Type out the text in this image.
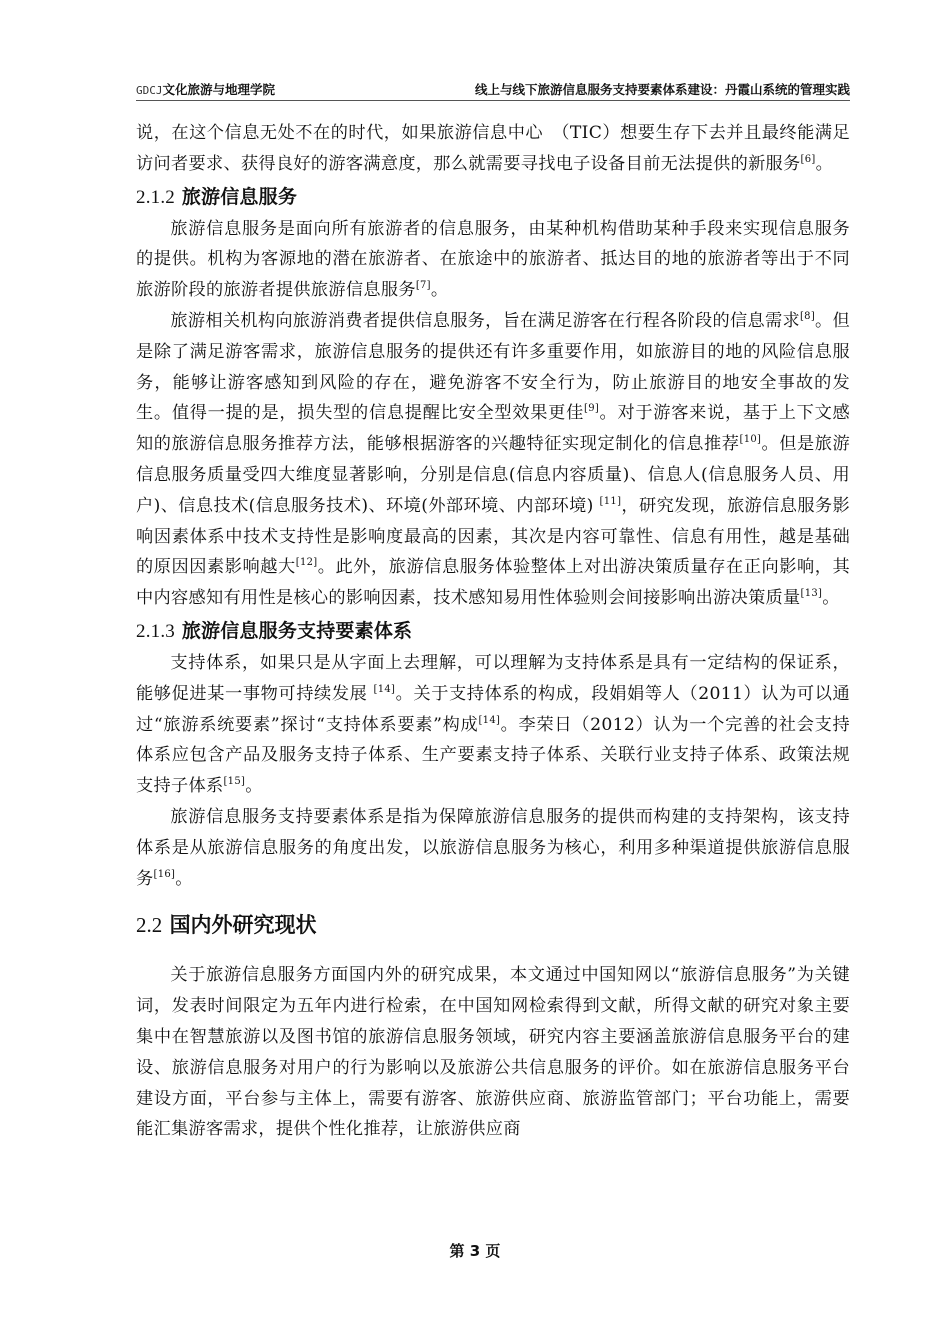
GDCJ文化旅游与地理学院	线上与线下旅游信息服务支持要素体系建设：丹霞山系统的管理实践

说，在这个信息无处不在的时代，如果旅游信息中心　（TIC）想要生存下去并且最终能满足访问者要求、获得良好的游客满意度，那么就需要寻找电子设备目前无法提供的新服务[6]。

2.1.2 旅游信息服务

旅游信息服务是面向所有旅游者的信息服务，由某种机构借助某种手段来实现信息服务的提供。机构为客源地的潜在旅游者、在旅途中的旅游者、抵达目的地的旅游者等出于不同旅游阶段的旅游者提供旅游信息服务[7]。

旅游相关机构向旅游消费者提供信息服务，旨在满足游客在行程各阶段的信息需求[8]。但是除了满足游客需求，旅游信息服务的提供还有许多重要作用，如旅游目的地的风险信息服务，能够让游客感知到风险的存在，避免游客不安全行为，防止旅游目的地安全事故的发生。值得一提的是，损失型的信息提醒比安全型效果更佳[9]。对于游客来说，基于上下文感知的旅游信息服务推荐方法，能够根据游客的兴趣特征实现定制化的信息推荐[10]。但是旅游信息服务质量受四大维度显著影响，分别是信息(信息内容质量)、信息人(信息服务人员、用户)、信息技术(信息服务技术)、环境(外部环境、内部环境) [11]，研究发现，旅游信息服务影响因素体系中技术支持性是影响度最高的因素，其次是内容可靠性、信息有用性，越是基础的原因因素影响越大[12]。此外，旅游信息服务体验整体上对出游决策质量存在正向影响，其中内容感知有用性是核心的影响因素，技术感知易用性体验则会间接影响出游决策质量[13]。

2.1.3 旅游信息服务支持要素体系

支持体系，如果只是从字面上去理解，可以理解为支持体系是具有一定结构的保证系，能够促进某一事物可持续发展 [14]。关于支持体系的构成，段娟娟等人（2011）认为可以通过“旅游系统要素”探讨“支持体系要素”构成[14]。李荣日（2012）认为一个完善的社会支持体系应包含产品及服务支持子体系、生产要素支持子体系、关联行业支持子体系、政策法规支持子体系[15]。

旅游信息服务支持要素体系是指为保障旅游信息服务的提供而构建的支持架构，该支持体系是从旅游信息服务的角度出发，以旅游信息服务为核心，利用多种渠道提供旅游信息服务[16]。

2.2 国内外研究现状

关于旅游信息服务方面国内外的研究成果，本文通过中国知网以“旅游信息服务”为关键词，发表时间限定为五年内进行检索，在中国知网检索得到文献，所得文献的研究对象主要集中在智慧旅游以及图书馆的旅游信息服务领域，研究内容主要涵盖旅游信息服务平台的建设、旅游信息服务对用户的行为影响以及旅游公共信息服务的评价。如在旅游信息服务平台建设方面，平台参与主体上，需要有游客、旅游供应商、旅游监管部门；平台功能上，需要能汇集游客需求，提供个性化推荐，让旅游供应商

第 3 页
